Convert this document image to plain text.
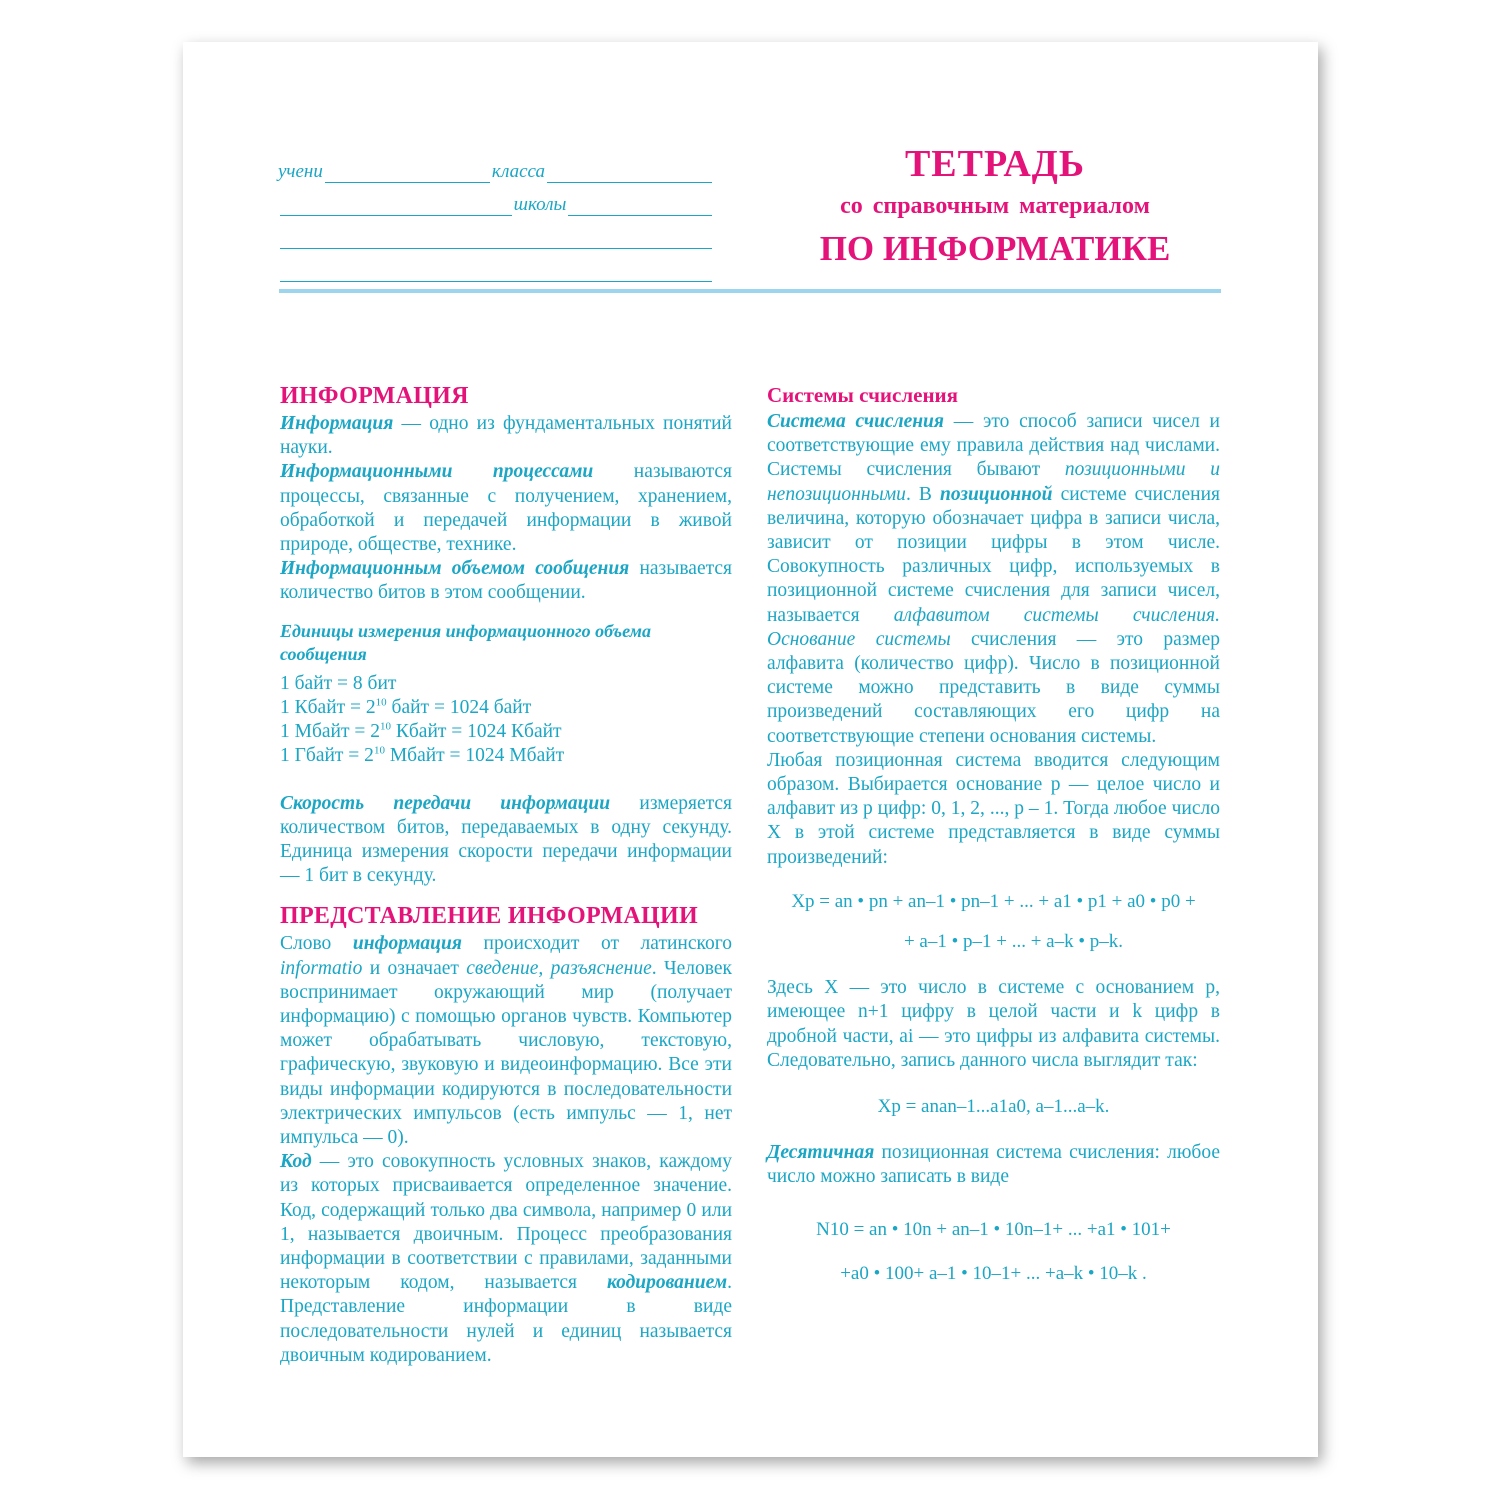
учени	класса
школы
ТЕТРАДЬ
со справочным материалом
ПО ИНФОРМАТИКЕ
ИНФОРМАЦИЯ

Информация — одно из фундаментальных понятий науки.

Информационными процессами называются процессы, связанные с получением, хранением, обработкой и передачей информации в живой природе, обществе, технике.

Информационным объемом сообщения называется количество битов в этом сообщении.

Единицы измерения информационного объема сообщения
1 байт = 8 бит
1 Кбайт = $2^{10}$ байт = 1024 байт
1 Мбайт = $2^{10}$ Кбайт = 1024 Кбайт
1 Гбайт = $2^{10}$ Мбайт = 1024 Мбайт

Скорость передачи информации измеряется количеством битов, передаваемых в одну секунду. Единица измерения скорости передачи информации — 1 бит в секунду.

ПРЕДСТАВЛЕНИЕ ИНФОРМАЦИИ

Слово информация происходит от латинского informatio и означает сведение, разъяснение. Человек воспринимает окружающий мир (получает информацию) с помощью органов чувств. Компьютер может обрабатывать числовую, текстовую, графическую, звуковую и видеоинформацию. Все эти виды информации кодируются в последовательности электрических импульсов (есть импульс — 1, нет импульса — 0).

Код — это совокупность условных знаков, каждому из которых присваивается определенное значение. Код, содержащий только два символа, например 0 или 1, называется двоичным. Процесс преобразования информации в соответствии с правилами, заданными некоторым кодом, называется кодированием. Представление информации в виде последовательности нулей и единиц называется двоичным кодированием.

Системы счисления

Система счисления — это способ записи чисел и соответствующие ему правила действия над числами. Системы счисления бывают позиционными и непозиционными. В позиционной системе счисления величина, которую обозначает цифра в записи числа, зависит от позиции цифры в этом числе. Совокупность различных цифр, используемых в позиционной системе счисления для записи чисел, называется алфавитом системы счисления. Основание системы счисления — это размер алфавита (количество цифр). Число в позиционной системе можно представить в виде суммы произведений составляющих его цифр на соответствующие степени основания системы.

Любая позиционная система вводится следующим образом. Выбирается основание p — целое число и алфавит из p цифр: 0, 1, 2, ..., p – 1. Тогда любое число X в этой системе представляется в виде суммы произведений:

Xp = an • pn + an–1 • pn–1 + ... + a1 • p1 + a0 • p0 +

+ a–1 • p–1 + ... + a–k • p–k.

Здесь X — это число в системе с основанием p, имеющее n+1 цифру в целой части и k цифр в дробной части, ai — это цифры из алфавита системы. Следовательно, запись данного числа выглядит так:

Xp = anan–1...a1a0, a–1...a–k.

Десятичная позиционная система счисления: любое число можно записать в виде

N10 = an • 10n + an–1 • 10n–1+ ... +a1 • 101+

+a0 • 100+ a–1 • 10–1+ ... +a–k • 10–k .
